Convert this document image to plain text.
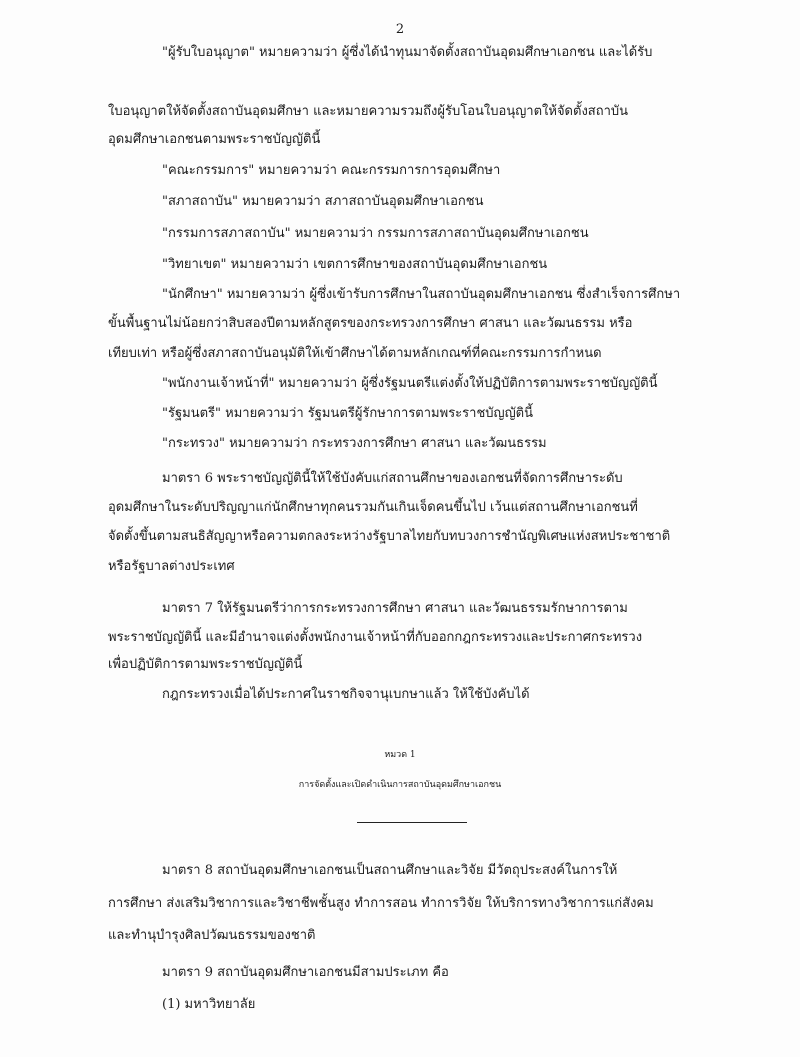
2
"ผู้รับใบอนุญาต" หมายความว่า ผู้ซึ่งได้นำทุนมาจัดตั้งสถาบันอุดมศึกษาเอกชน และได้รับ
ใบอนุญาตให้จัดตั้งสถาบันอุดมศึกษา และหมายความรวมถึงผู้รับโอนใบอนุญาตให้จัดตั้งสถาบัน
อุดมศึกษาเอกชนตามพระราชบัญญัตินี้
"คณะกรรมการ" หมายความว่า คณะกรรมการการอุดมศึกษา
"สภาสถาบัน" หมายความว่า สภาสถาบันอุดมศึกษาเอกชน
"กรรมการสภาสถาบัน" หมายความว่า กรรมการสภาสถาบันอุดมศึกษาเอกชน
"วิทยาเขต" หมายความว่า เขตการศึกษาของสถาบันอุดมศึกษาเอกชน
"นักศึกษา" หมายความว่า ผู้ซึ่งเข้ารับการศึกษาในสถาบันอุดมศึกษาเอกชน ซึ่งสำเร็จการศึกษา
ขั้นพื้นฐานไม่น้อยกว่าสิบสองปีตามหลักสูตรของกระทรวงการศึกษา ศาสนา และวัฒนธรรม หรือ
เทียบเท่า หรือผู้ซึ่งสภาสถาบันอนุมัติให้เข้าศึกษาได้ตามหลักเกณฑ์ที่คณะกรรมการกำหนด
"พนักงานเจ้าหน้าที่" หมายความว่า ผู้ซึ่งรัฐมนตรีแต่งตั้งให้ปฏิบัติการตามพระราชบัญญัตินี้
"รัฐมนตรี" หมายความว่า รัฐมนตรีผู้รักษาการตามพระราชบัญญัตินี้
"กระทรวง" หมายความว่า กระทรวงการศึกษา ศาสนา และวัฒนธรรม
มาตรา 6 พระราชบัญญัตินี้ให้ใช้บังคับแก่สถานศึกษาของเอกชนที่จัดการศึกษาระดับ
อุดมศึกษาในระดับปริญญาแก่นักศึกษาทุกคนรวมกันเกินเจ็ดคนขึ้นไป เว้นแต่สถานศึกษาเอกชนที่
จัดตั้งขึ้นตามสนธิสัญญาหรือความตกลงระหว่างรัฐบาลไทยกับทบวงการชำนัญพิเศษแห่งสหประชาชาติ
หรือรัฐบาลต่างประเทศ
มาตรา 7 ให้รัฐมนตรีว่าการกระทรวงการศึกษา ศาสนา และวัฒนธรรมรักษาการตาม
พระราชบัญญัตินี้ และมีอำนาจแต่งตั้งพนักงานเจ้าหน้าที่กับออกกฎกระทรวงและประกาศกระทรวง
เพื่อปฏิบัติการตามพระราชบัญญัตินี้
กฎกระทรวงเมื่อได้ประกาศในราชกิจจานุเบกษาแล้ว ให้ใช้บังคับได้
หมวด 1
การจัดตั้งและเปิดดำเนินการสถาบันอุดมศึกษาเอกชน
มาตรา 8 สถาบันอุดมศึกษาเอกชนเป็นสถานศึกษาและวิจัย มีวัตถุประสงค์ในการให้
การศึกษา ส่งเสริมวิชาการและวิชาชีพชั้นสูง ทำการสอน ทำการวิจัย ให้บริการทางวิชาการแก่สังคม
และทำนุบำรุงศิลปวัฒนธรรมของชาติ
มาตรา 9 สถาบันอุดมศึกษาเอกชนมีสามประเภท คือ
(1) มหาวิทยาลัย
